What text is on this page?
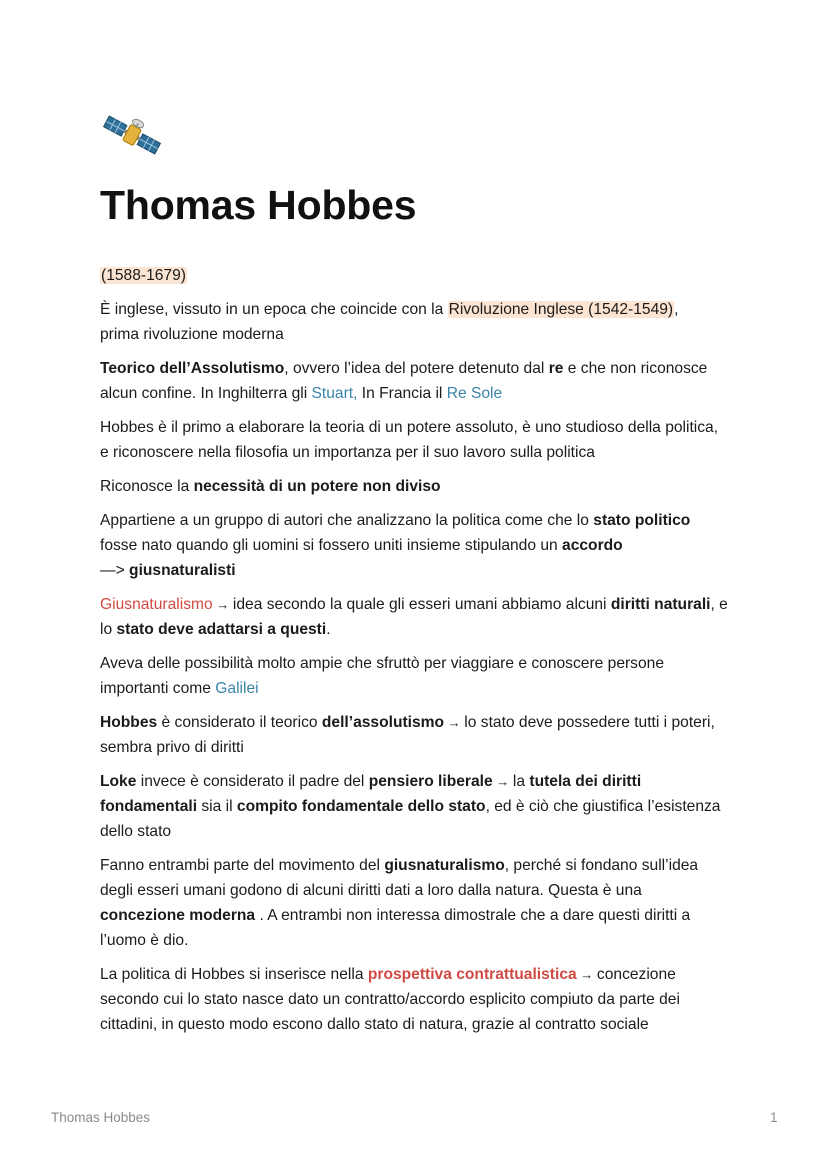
Thomas Hobbes

(1588-1679)

È inglese, vissuto in un epoca che coincide con la Rivoluzione Inglese (1542-1549),
prima rivoluzione moderna

Teorico dell’Assolutismo, ovvero l’idea del potere detenuto dal re e che non riconosce alcun confine. In Inghilterra gli Stuart, In Francia il Re Sole

Hobbes è il primo a elaborare la teoria di un potere assoluto, è uno studioso della politica, e riconoscere nella filosofia un importanza per il suo lavoro sulla politica

Riconosce la necessità di un potere non diviso

Appartiene a un gruppo di autori che analizzano la politica come che lo stato politico fosse nato quando gli uomini si fossero uniti insieme stipulando un accordo
—> giusnaturalisti

Giusnaturalismo → idea secondo la quale gli esseri umani abbiamo alcuni diritti naturali, e lo stato deve adattarsi a questi.

Aveva delle possibilità molto ampie che sfruttò per viaggiare e conoscere persone importanti come Galilei

Hobbes è considerato il teorico dell’assolutismo → lo stato deve possedere tutti i poteri, sembra privo di diritti

Loke invece è considerato il padre del pensiero liberale → la tutela dei diritti fondamentali sia il compito fondamentale dello stato, ed è ciò che giustifica l’esistenza dello stato

Fanno entrambi parte del movimento del giusnaturalismo, perché si fondano sull’idea degli esseri umani godono di alcuni diritti dati a loro dalla natura. Questa è una concezione moderna . A entrambi non interessa dimostrale che a dare questi diritti a l’uomo è dio.

La politica di Hobbes si inserisce nella prospettiva contrattualistica → concezione secondo cui lo stato nasce dato un contratto/accordo esplicito compiuto da parte dei cittadini, in questo modo escono dallo stato di natura, grazie al contratto sociale

Thomas Hobbes	1
